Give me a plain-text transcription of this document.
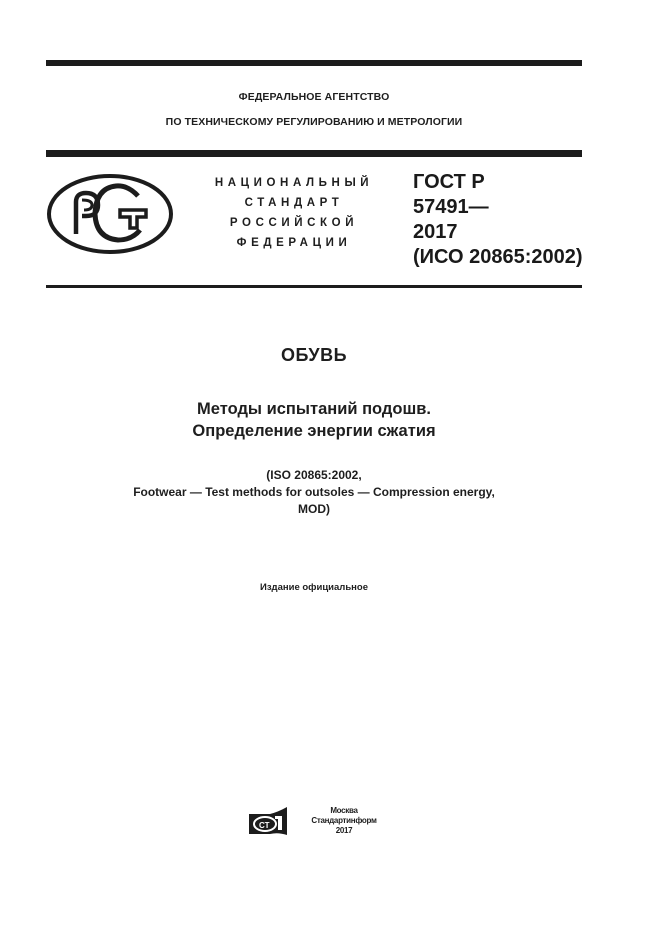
ФЕДЕРАЛЬНОЕ АГЕНТСТВО
ПО ТЕХНИЧЕСКОМУ РЕГУЛИРОВАНИЮ И МЕТРОЛОГИИ
НАЦИОНАЛЬНЫЙ
СТАНДАРТ
РОССИЙСКОЙ
ФЕДЕРАЦИИ
ГОСТ Р
57491—
2017
(ИСО 20865:2002)
ОБУВЬ
Методы испытаний подошв.
Определение энергии сжатия
(ISO 20865:2002,
Footwear — Test methods for outsoles — Compression energy,
MOD)
Издание официальное
СТ
Москва
Стандартинформ
2017
